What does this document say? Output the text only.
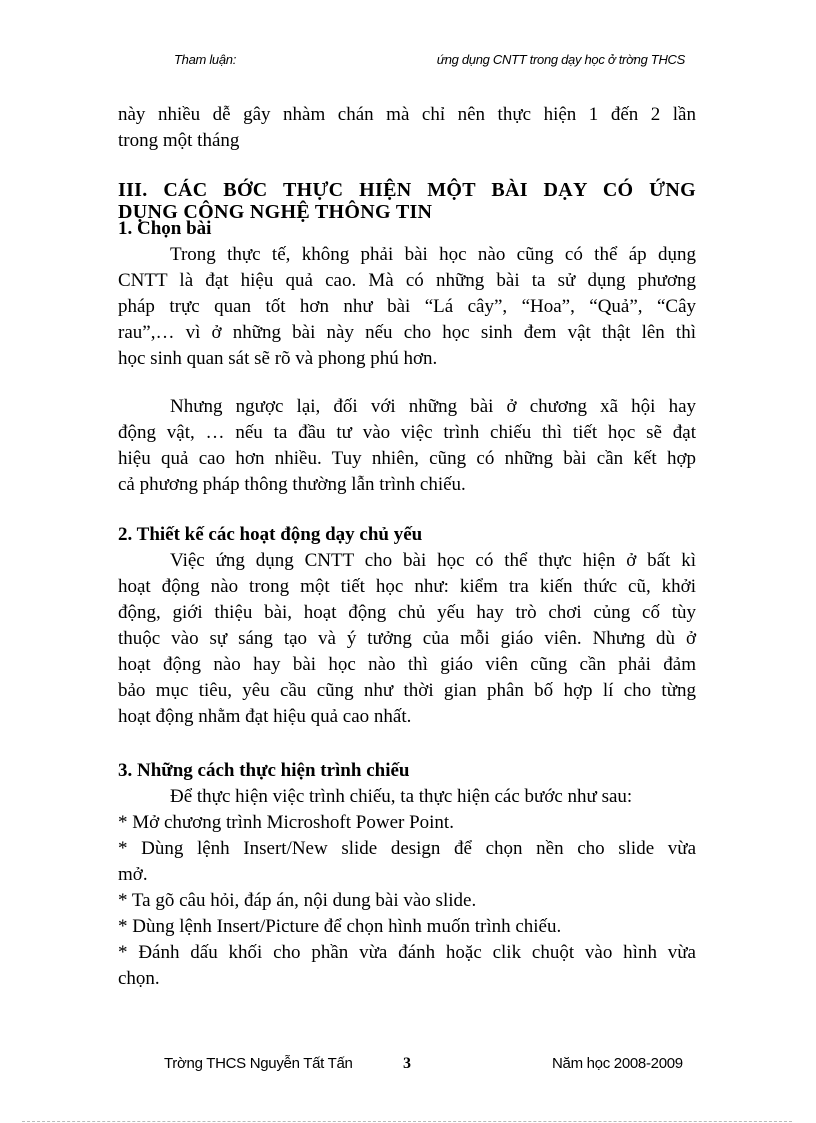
Tham luận:	ứng dụng CNTT trong dạy học ở trờng THCS
này nhiều dễ gây nhàm chán mà chỉ nên thực hiện 1 đến 2 lần
trong một tháng
III. CÁC BỚC THỰC HIỆN MỘT BÀI DẠY CÓ ỨNG
DỤNG CÔNG NGHỆ THÔNG TIN
1. Chọn bài
Trong thực tế, không phải bài học nào cũng có thể áp dụng
CNTT là đạt hiệu quả cao. Mà có những bài ta sử dụng phương
pháp trực quan tốt hơn như bài “Lá cây”, “Hoa”, “Quả”, “Cây
rau”,… vì ở những bài này nếu cho học sinh đem vật thật lên thì
học sinh quan sát sẽ rõ và phong phú hơn.
Nhưng ngược lại, đối với những bài ở chương xã hội hay
động vật, … nếu ta đầu tư vào việc trình chiếu thì tiết học sẽ đạt
hiệu quả cao hơn nhiều. Tuy nhiên, cũng có những bài cần kết hợp
cả phương pháp thông thường lẫn trình chiếu.
2. Thiết kế các hoạt động dạy chủ yếu
Việc ứng dụng CNTT cho bài học có thể thực hiện ở bất kì
hoạt động nào trong một tiết học như: kiểm tra kiến thức cũ, khởi
động, giới thiệu bài, hoạt động chủ yếu hay trò chơi củng cố tùy
thuộc vào sự sáng tạo và ý tưởng của mỗi giáo viên. Nhưng dù ở
hoạt động nào hay bài học nào thì giáo viên cũng cần phải đảm
bảo mục tiêu, yêu cầu cũng như thời gian phân bố hợp lí cho từng
hoạt động nhằm đạt hiệu quả cao nhất.
3. Những cách thực hiện trình chiếu
Để thực hiện việc trình chiếu, ta thực hiện các bước như sau:
* Mở chương trình Microshoft Power Point.
* Dùng lệnh Insert/New slide design để chọn nền cho slide vừa
mở.
* Ta gõ câu hỏi, đáp án, nội dung bài vào slide.
* Dùng lệnh Insert/Picture để chọn hình muốn trình chiếu.
* Đánh dấu khối cho phần vừa đánh hoặc clik chuột vào hình vừa
chọn.
Trờng THCS Nguyễn Tất Tấn	3	Năm học 2008-2009
